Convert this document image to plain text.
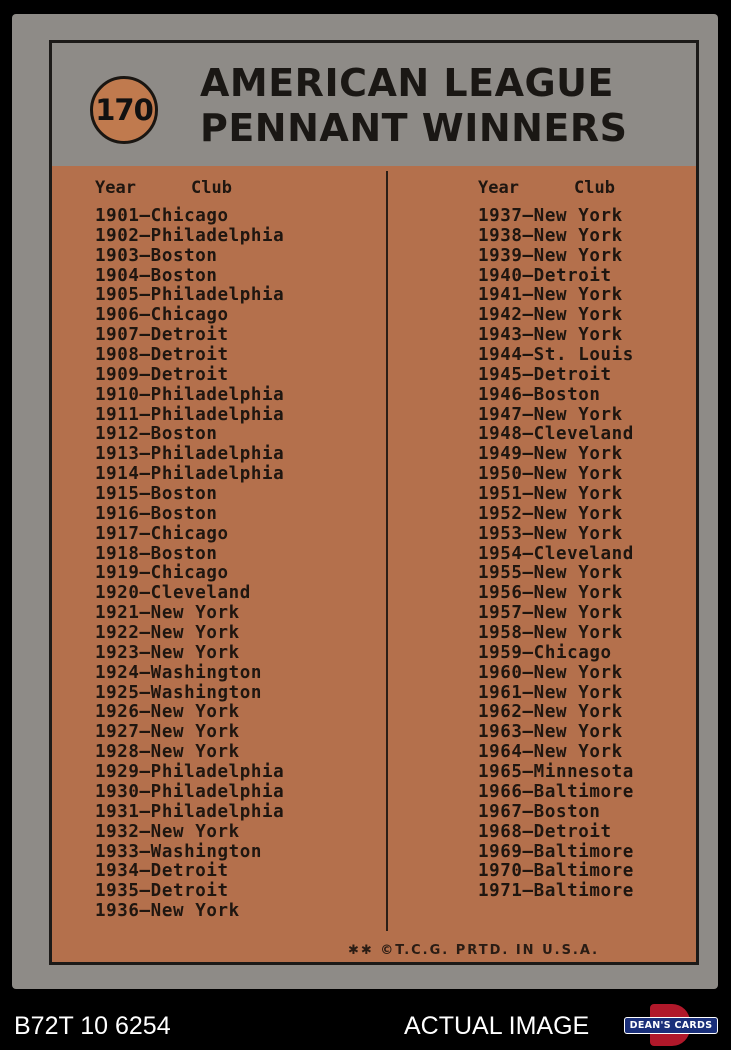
170
AMERICAN LEAGUE
PENNANT WINNERS
Year	Club
1901—Chicago
1902—Philadelphia
1903—Boston
1904—Boston
1905—Philadelphia
1906—Chicago
1907—Detroit
1908—Detroit
1909—Detroit
1910—Philadelphia
1911—Philadelphia
1912—Boston
1913—Philadelphia
1914—Philadelphia
1915—Boston
1916—Boston
1917—Chicago
1918—Boston
1919—Chicago
1920—Cleveland
1921—New York
1922—New York
1923—New York
1924—Washington
1925—Washington
1926—New York
1927—New York
1928—New York
1929—Philadelphia
1930—Philadelphia
1931—Philadelphia
1932—New York
1933—Washington
1934—Detroit
1935—Detroit
1936—New York
Year	Club
1937—New York
1938—New York
1939—New York
1940—Detroit
1941—New York
1942—New York
1943—New York
1944—St. Louis
1945—Detroit
1946—Boston
1947—New York
1948—Cleveland
1949—New York
1950—New York
1951—New York
1952—New York
1953—New York
1954—Cleveland
1955—New York
1956—New York
1957—New York
1958—New York
1959—Chicago
1960—New York
1961—New York
1962—New York
1963—New York
1964—New York
1965—Minnesota
1966—Baltimore
1967—Boston
1968—Detroit
1969—Baltimore
1970—Baltimore
1971—Baltimore
✱✱ ©T.C.G. PRTD. IN U.S.A.
B72T 10 6254	ACTUAL IMAGE	DEAN'S CARDS
